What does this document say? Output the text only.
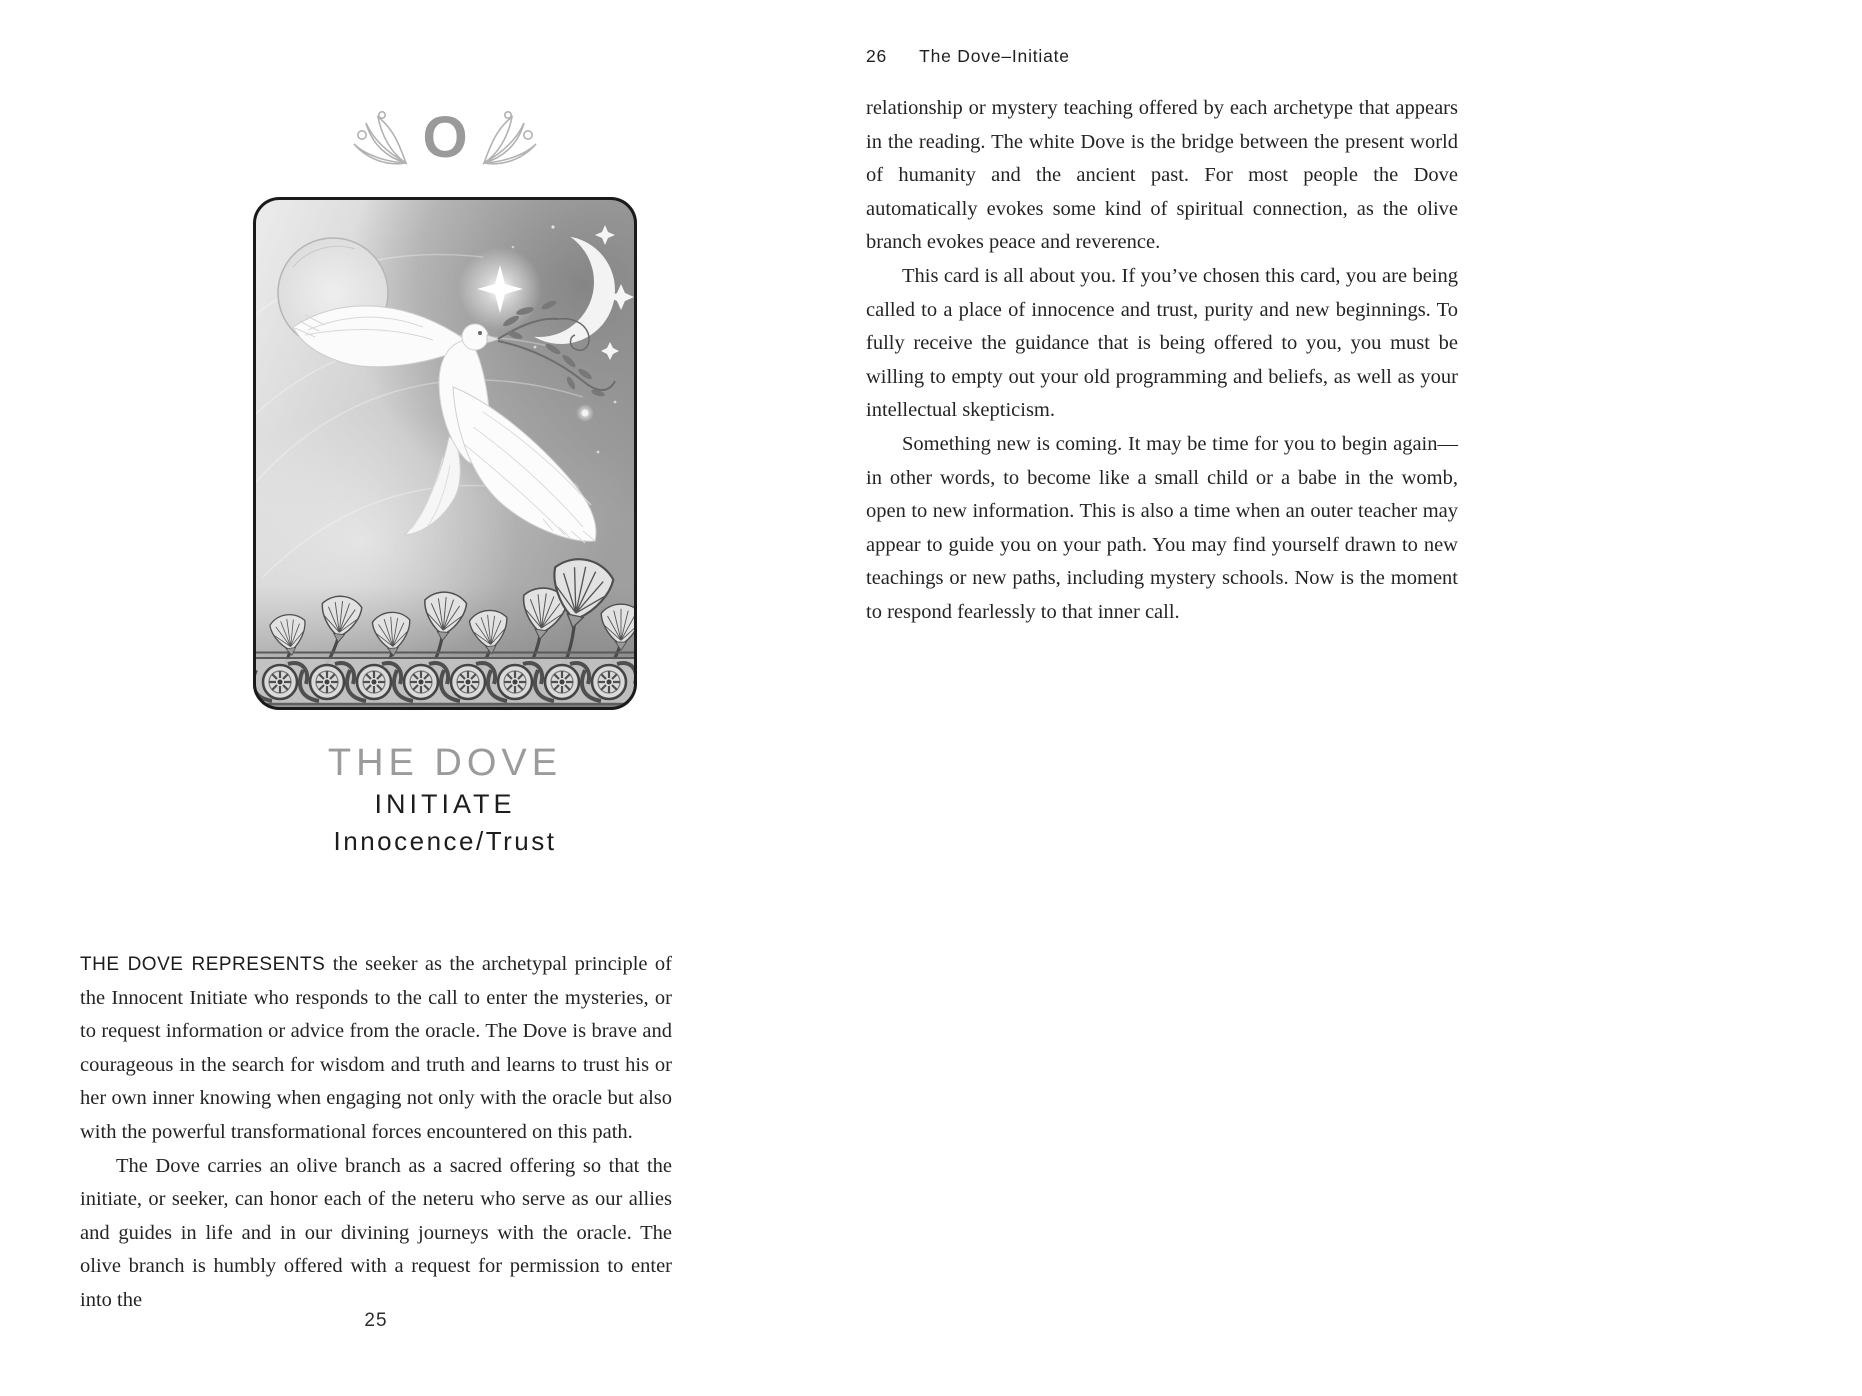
O
THE DOVE
INITIATE
Innocence/Trust

THE DOVE REPRESENTS the seeker as the archetypal principle of the Innocent Initiate who responds to the call to enter the mysteries, or to request information or advice from the oracle. The Dove is brave and courageous in the search for wisdom and truth and learns to trust his or her own inner knowing when engaging not only with the oracle but also with the powerful transformational forces encountered on this path.

The Dove carries an olive branch as a sacred offering so that the initiate, or seeker, can honor each of the neteru who serve as our allies and guides in life and in our divining journeys with the oracle. The olive branch is humbly offered with a request for permission to enter into the

25
26 The Dove–Initiate

relationship or mystery teaching offered by each archetype that appears in the reading. The white Dove is the bridge between the present world of humanity and the ancient past. For most people the Dove automatically evokes some kind of spiritual connection, as the olive branch evokes peace and reverence.

This card is all about you. If you’ve chosen this card, you are being called to a place of innocence and trust, purity and new beginnings. To fully receive the guidance that is being offered to you, you must be willing to empty out your old programming and beliefs, as well as your intellectual skepticism.

Something new is coming. It may be time for you to begin again—in other words, to become like a small child or a babe in the womb, open to new information. This is also a time when an outer teacher may appear to guide you on your path. You may find yourself drawn to new teachings or new paths, including mystery schools. Now is the moment to respond fearlessly to that inner call.
